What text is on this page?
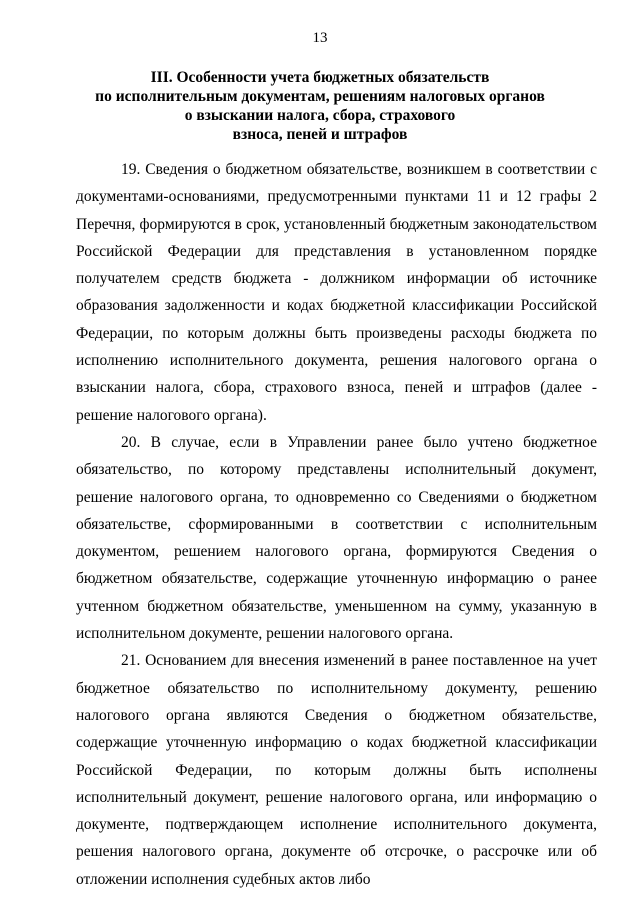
13
III. Особенности учета бюджетных обязательств
по исполнительным документам, решениям налоговых органов
о взыскании налога, сбора, страхового
взноса, пеней и штрафов

19. Сведения о бюджетном обязательстве, возникшем в соответствии с документами-основаниями, предусмотренными пунктами 11 и 12 графы 2 Перечня, формируются в срок, установленный бюджетным законодательством Российской Федерации для представления в установленном порядке получателем средств бюджета - должником информации об источнике образования задолженности и кодах бюджетной классификации Российской Федерации, по которым должны быть произведены расходы бюджета по исполнению исполнительного документа, решения налогового органа о взыскании налога, сбора, страхового взноса, пеней и штрафов (далее - решение налогового органа).

20. В случае, если в Управлении ранее было учтено бюджетное обязательство, по которому представлены исполнительный документ, решение налогового органа, то одновременно со Сведениями о бюджетном обязательстве, сформированными в соответствии с исполнительным документом, решением налогового органа, формируются Сведения о бюджетном обязательстве, содержащие уточненную информацию о ранее учтенном бюджетном обязательстве, уменьшенном на сумму, указанную в исполнительном документе, решении налогового органа.

21. Основанием для внесения изменений в ранее поставленное на учет бюджетное обязательство по исполнительному документу, решению налогового органа являются Сведения о бюджетном обязательстве, содержащие уточненную информацию о кодах бюджетной классификации Российской Федерации, по которым должны быть исполнены исполнительный документ, решение налогового органа, или информацию о документе, подтверждающем исполнение исполнительного документа, решения налогового органа, документе об отсрочке, о рассрочке или об отложении исполнения судебных актов либо
